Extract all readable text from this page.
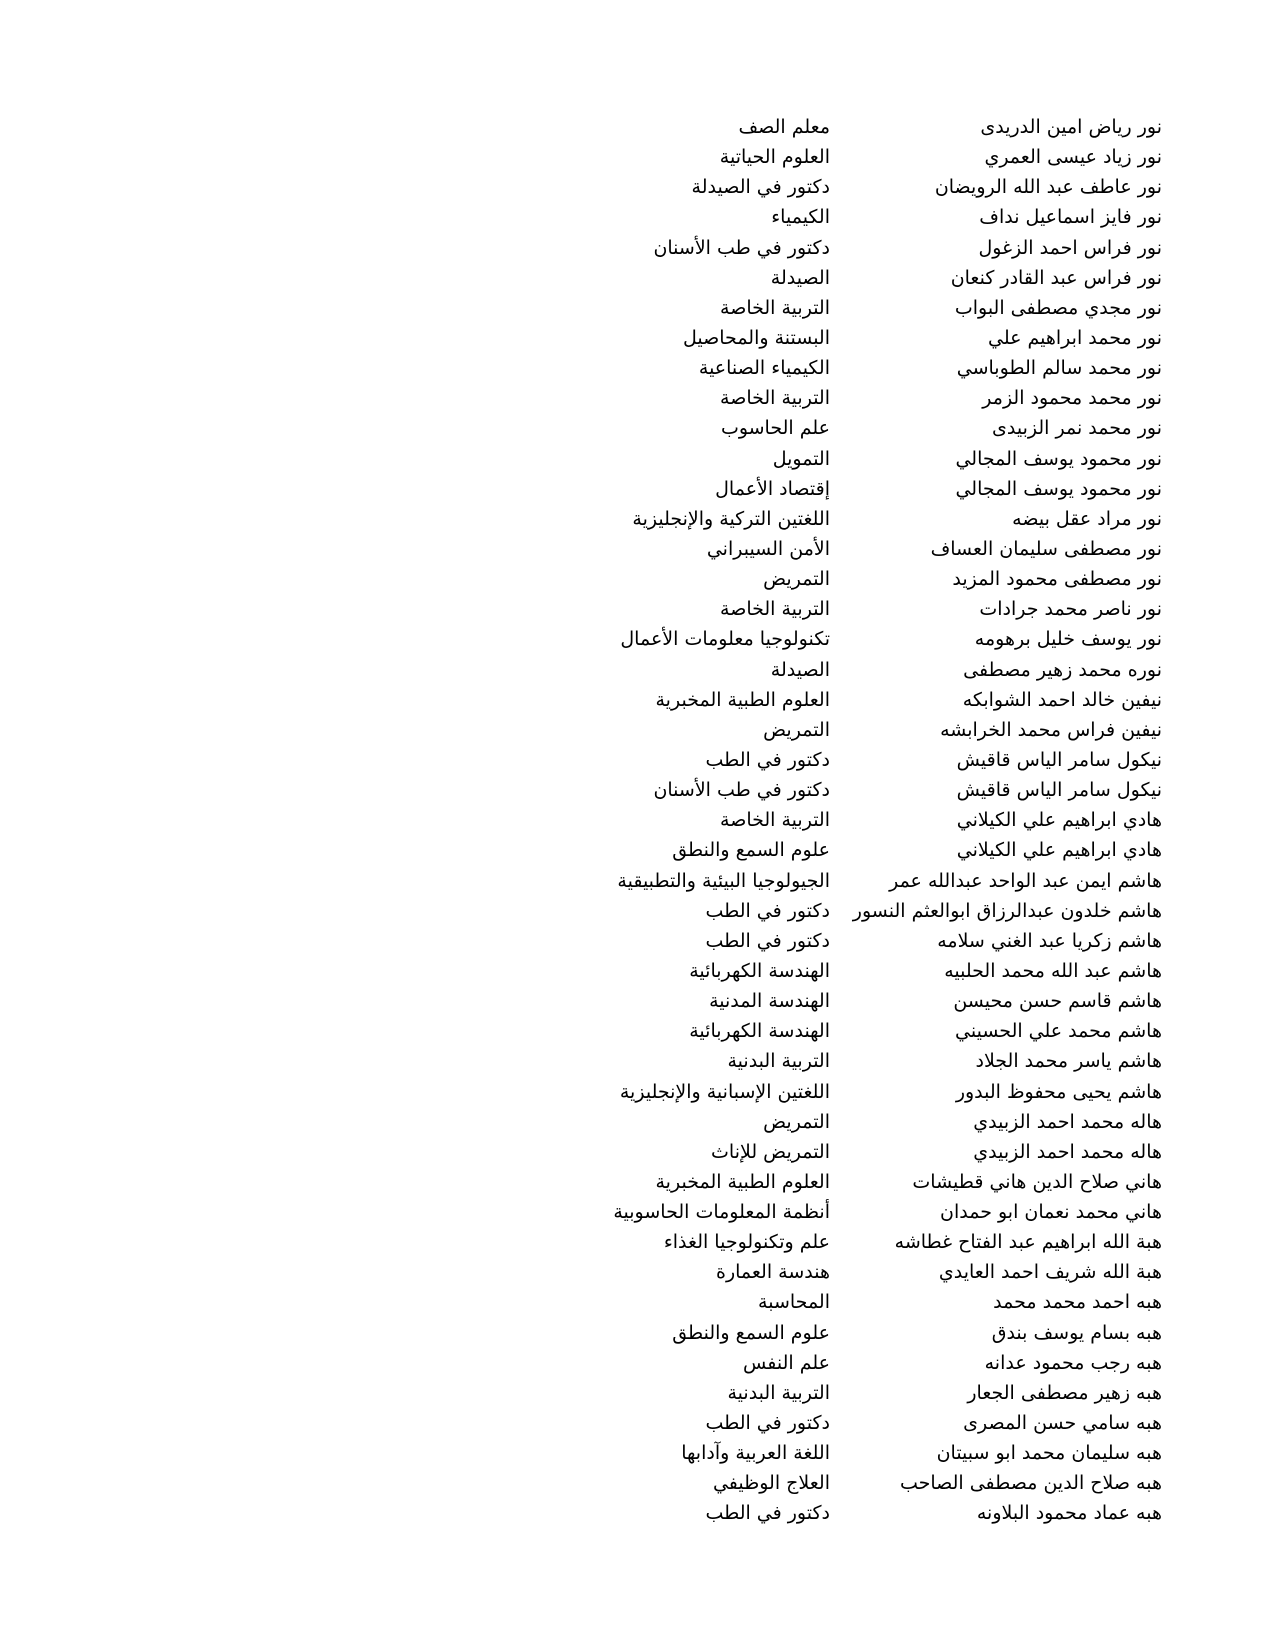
نور رياض امين الدريدى
معلم الصف
نور زياد عيسى العمري
العلوم الحياتية
نور عاطف عبد الله الرويضان
دكتور في الصيدلة
نور فايز اسماعيل نداف
الكيمياء
نور فراس احمد الزغول
دكتور في طب الأسنان
نور فراس عبد القادر كنعان
الصيدلة
نور مجدي مصطفى البواب
التربية الخاصة
نور محمد ابراهيم علي
البستنة والمحاصيل
نور محمد سالم الطوباسي
الكيمياء الصناعية
نور محمد محمود الزمر
التربية الخاصة
نور محمد نمر الزبيدى
علم الحاسوب
نور محمود يوسف المجالي
التمويل
نور محمود يوسف المجالي
إقتصاد الأعمال
نور مراد عقل بيضه
اللغتين التركية والإنجليزية
نور مصطفى سليمان العساف
الأمن السيبراني
نور مصطفى محمود المزيد
التمريض
نور ناصر محمد جرادات
التربية الخاصة
نور يوسف خليل برهومه
تكنولوجيا معلومات الأعمال
نوره محمد زهير مصطفى
الصيدلة
نيفين خالد احمد الشوابكه
العلوم الطبية المخبرية
نيفين فراس محمد الخرابشه
التمريض
نيكول سامر الياس قاقيش
دكتور في الطب
نيكول سامر الياس قاقيش
دكتور في طب الأسنان
هادي ابراهيم علي الكيلاني
التربية الخاصة
هادي ابراهيم علي الكيلاني
علوم السمع والنطق
هاشم ايمن عبد الواحد عبدالله عمر
الجيولوجيا البيئية والتطبيقية
هاشم خلدون عبدالرزاق ابوالعثم النسور
دكتور في الطب
هاشم زكريا عبد الغني سلامه
دكتور في الطب
هاشم عبد الله محمد الحلبيه
الهندسة الكهربائية
هاشم قاسم حسن محيسن
الهندسة المدنية
هاشم محمد علي الحسيني
الهندسة الكهربائية
هاشم ياسر محمد الجلاد
التربية البدنية
هاشم يحيى محفوظ البدور
اللغتين الإسبانية والإنجليزية
هاله محمد احمد الزبيدي
التمريض
هاله محمد احمد الزبيدي
التمريض للإناث
هاني صلاح الدين هاني قطيشات
العلوم الطبية المخبرية
هاني محمد نعمان ابو حمدان
أنظمة المعلومات الحاسوبية
هبة الله ابراهيم عبد الفتاح غطاشه
علم وتكنولوجيا الغذاء
هبة الله شريف احمد العايدي
هندسة العمارة
هبه احمد محمد محمد
المحاسبة
هبه بسام يوسف بندق
علوم السمع والنطق
هبه رجب محمود عدانه
علم النفس
هبه زهير مصطفى الجعار
التربية البدنية
هبه سامي حسن المصرى
دكتور في الطب
هبه سليمان محمد ابو سبيتان
اللغة العربية وآدابها
هبه صلاح الدين مصطفى الصاحب
العلاج الوظيفي
هبه عماد محمود البلاونه
دكتور في الطب
